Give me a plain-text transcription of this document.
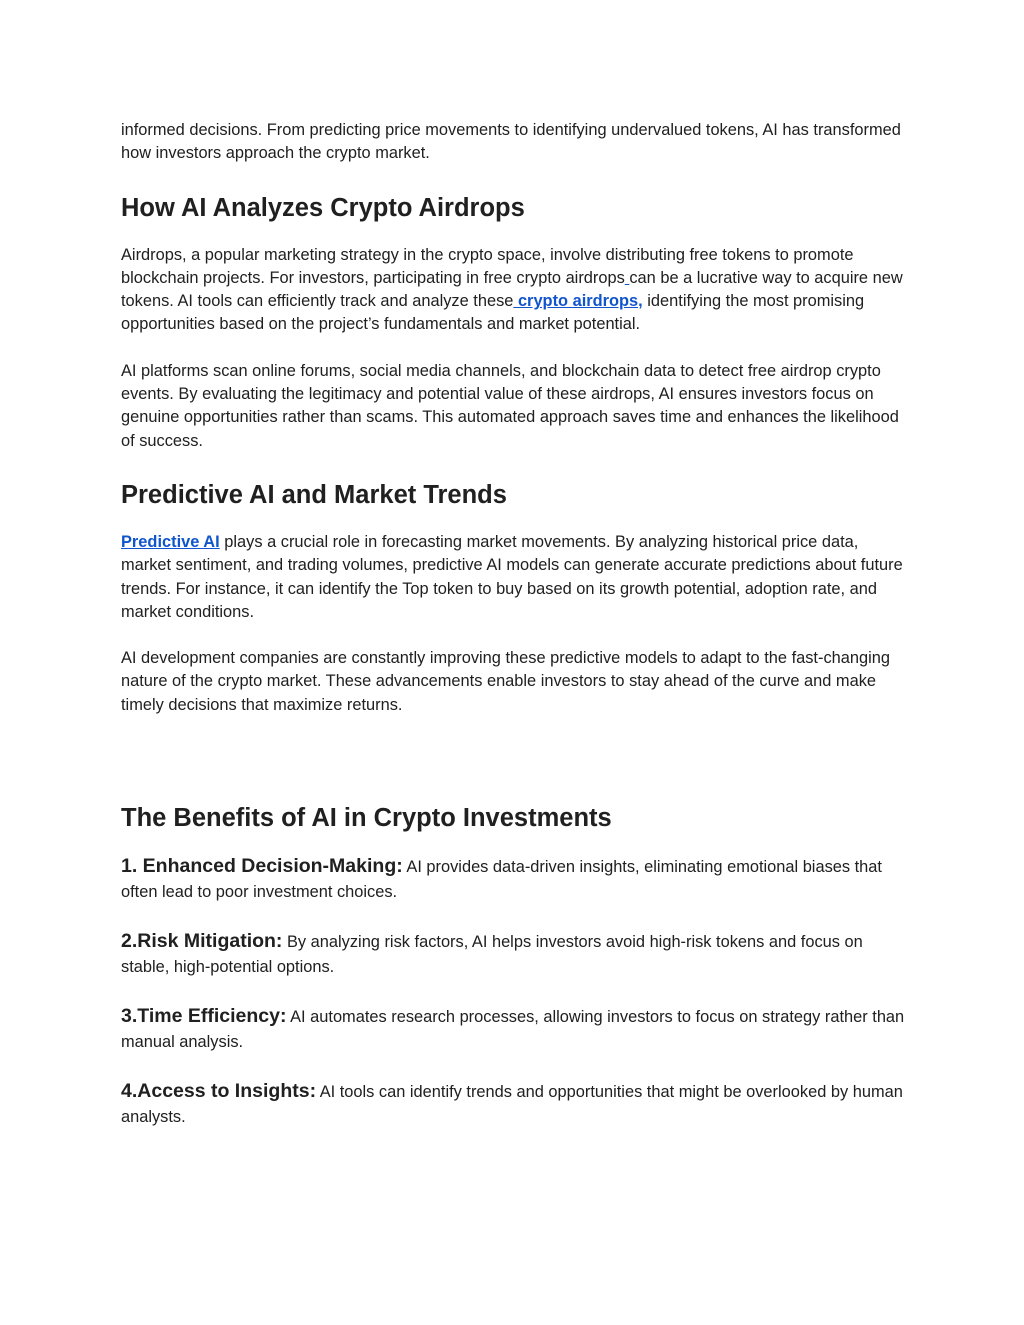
informed decisions. From predicting price movements to identifying undervalued tokens, AI has transformed how investors approach the crypto market.

How AI Analyzes Crypto Airdrops

Airdrops, a popular marketing strategy in the crypto space, involve distributing free tokens to promote blockchain projects. For investors, participating in free crypto airdrops can be a lucrative way to acquire new tokens. AI tools can efficiently track and analyze these crypto airdrops, identifying the most promising opportunities based on the project’s fundamentals and market potential.

AI platforms scan online forums, social media channels, and blockchain data to detect free airdrop crypto events. By evaluating the legitimacy and potential value of these airdrops, AI ensures investors focus on genuine opportunities rather than scams. This automated approach saves time and enhances the likelihood of success.

Predictive AI and Market Trends

Predictive AI plays a crucial role in forecasting market movements. By analyzing historical price data, market sentiment, and trading volumes, predictive AI models can generate accurate predictions about future trends. For instance, it can identify the Top token to buy based on its growth potential, adoption rate, and market conditions.

AI development companies are constantly improving these predictive models to adapt to the fast-changing nature of the crypto market. These advancements enable investors to stay ahead of the curve and make timely decisions that maximize returns.

The Benefits of AI in Crypto Investments

1. Enhanced Decision-Making: AI provides data-driven insights, eliminating emotional biases that often lead to poor investment choices.

2.Risk Mitigation: By analyzing risk factors, AI helps investors avoid high-risk tokens and focus on stable, high-potential options.

3.Time Efficiency: AI automates research processes, allowing investors to focus on strategy rather than manual analysis.

4.Access to Insights: AI tools can identify trends and opportunities that might be overlooked by human analysts.
